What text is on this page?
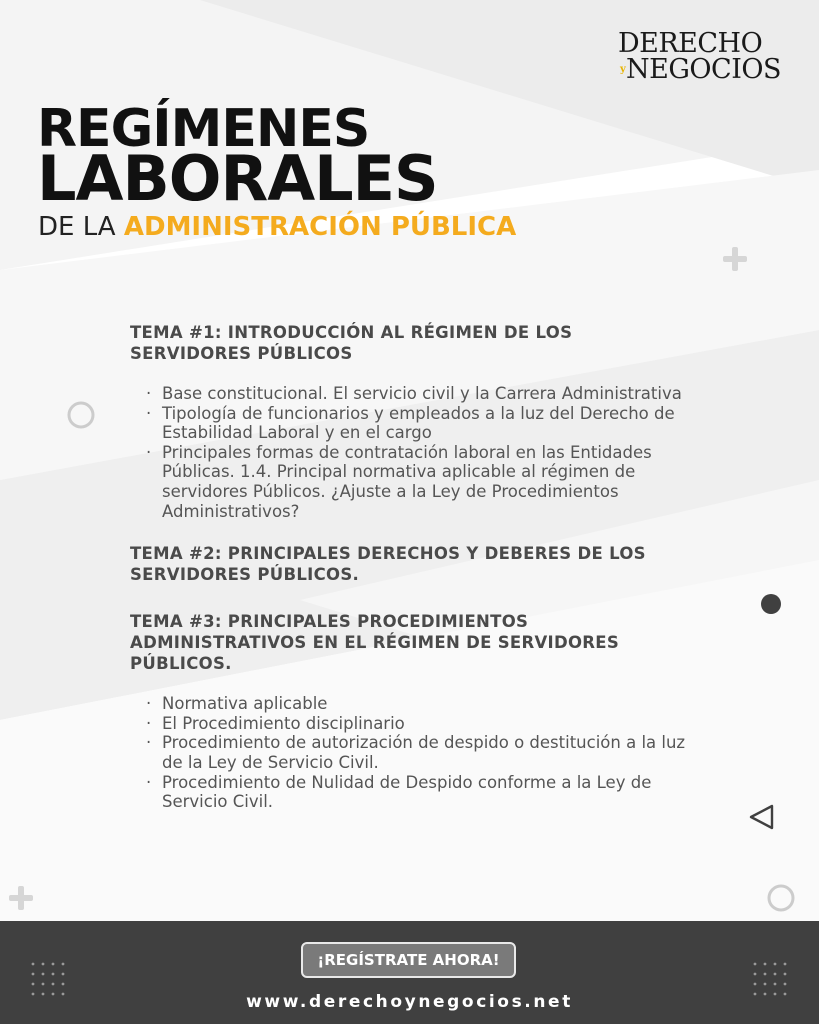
DERECHO
y NEGOCIOS
REGÍMENES
LABORALES

DE LA ADMINISTRACIÓN PÚBLICA

TEMA #1: INTRODUCCIÓN AL RÉGIMEN DE LOS SERVIDORES PÚBLICOS

· Base constitucional. El servicio civil y la Carrera Administrativa
· Tipología de funcionarios y empleados a la luz del Derecho de Estabilidad Laboral y en el cargo
· Principales formas de contratación laboral en las Entidades Públicas. 1.4. Principal normativa aplicable al régimen de servidores Públicos. ¿Ajuste a la Ley de Procedimientos Administrativos?

TEMA #2: PRINCIPALES DERECHOS Y DEBERES DE LOS SERVIDORES PÚBLICOS.

TEMA #3: PRINCIPALES PROCEDIMIENTOS ADMINISTRATIVOS EN EL RÉGIMEN DE SERVIDORES PÚBLICOS.

· Normativa aplicable
· El Procedimiento disciplinario
· Procedimiento de autorización de despido o destitución a la luz de la Ley de Servicio Civil.
· Procedimiento de Nulidad de Despido conforme a la Ley de Servicio Civil.
¡REGÍSTRATE AHORA!
www.derechoynegocios.net
